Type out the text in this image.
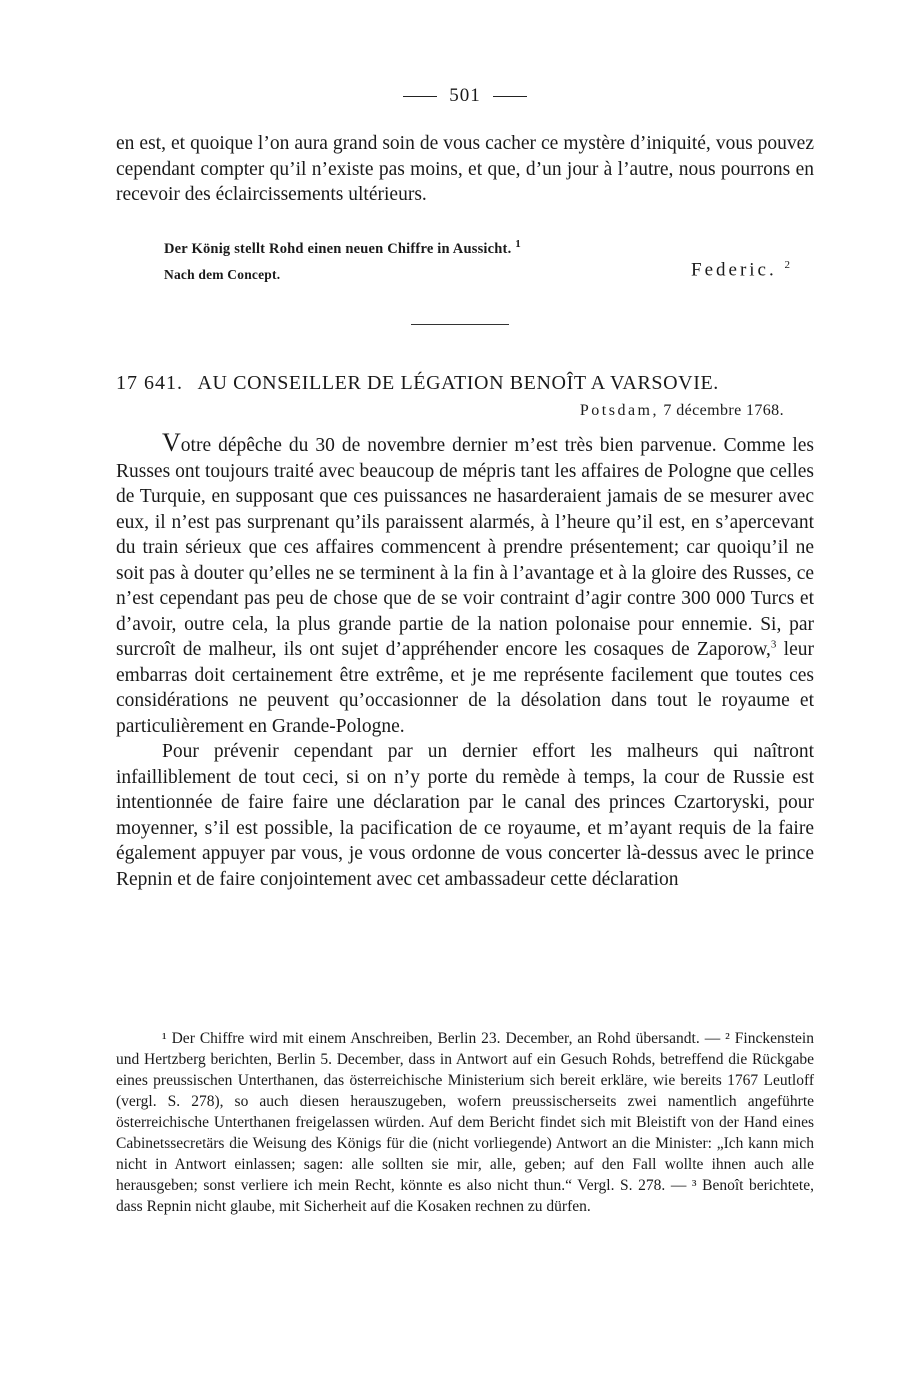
501

en est, et quoique l’on aura grand soin de vous cacher ce mystère d’iniquité, vous pouvez cependant compter qu’il n’existe pas moins, et que, d’un jour à l’autre, nous pourrons en recevoir des éclaircissements ultérieurs.

Der König stellt Rohd einen neuen Chiffre in Aussicht. $^1$
Nach dem Concept.	Federic. $^2$
17 641. AU CONSEILLER DE LÉGATION BENOÎT A VARSOVIE.
Potsdam, 7 décembre 1768.

Votre dépêche du 30 de novembre dernier m’est très bien parvenue. Comme les Russes ont toujours traité avec beaucoup de mépris tant les affaires de Pologne que celles de Turquie, en supposant que ces puissances ne hasarderaient jamais de se mesurer avec eux, il n’est pas surprenant qu’ils paraissent alarmés, à l’heure qu’il est, en s’apercevant du train sérieux que ces affaires commencent à prendre présentement; car quoiqu’il ne soit pas à douter qu’elles ne se terminent à la fin à l’avantage et à la gloire des Russes, ce n’est cependant pas peu de chose que de se voir contraint d’agir contre 300 000 Turcs et d’avoir, outre cela, la plus grande partie de la nation polonaise pour ennemie. Si, par surcroît de malheur, ils ont sujet d’appréhender encore les cosaques de Zaporow,$^3$ leur embarras doit certainement être extrême, et je me représente facilement que toutes ces considérations ne peuvent qu’occasionner de la désolation dans tout le royaume et particulièrement en Grande-Pologne.

Pour prévenir cependant par un dernier effort les malheurs qui naîtront infailliblement de tout ceci, si on n’y porte du remède à temps, la cour de Russie est intentionnée de faire faire une déclaration par le canal des princes Czartoryski, pour moyenner, s’il est possible, la pacification de ce royaume, et m’ayant requis de la faire également appuyer par vous, je vous ordonne de vous concerter là-dessus avec le prince Repnin et de faire conjointement avec cet ambassadeur cette déclaration

¹ Der Chiffre wird mit einem Anschreiben, Berlin 23. December, an Rohd übersandt. — ² Finckenstein und Hertzberg berichten, Berlin 5. December, dass in Antwort auf ein Gesuch Rohds, betreffend die Rückgabe eines preussischen Unterthanen, das österreichische Ministerium sich bereit erkläre, wie bereits 1767 Leutloff (vergl. S. 278), so auch diesen herauszugeben, wofern preussischerseits zwei namentlich angeführte österreichische Unterthanen freigelassen würden. Auf dem Bericht findet sich mit Bleistift von der Hand eines Cabinetssecretärs die Weisung des Königs für die (nicht vorliegende) Antwort an die Minister: „Ich kann mich nicht in Antwort einlassen; sagen: alle sollten sie mir, alle, geben; auf den Fall wollte ihnen auch alle herausgeben; sonst verliere ich mein Recht, könnte es also nicht thun.“ Vergl. S. 278. — ³ Benoît berichtete, dass Repnin nicht glaube, mit Sicherheit auf die Kosaken rechnen zu dürfen.
